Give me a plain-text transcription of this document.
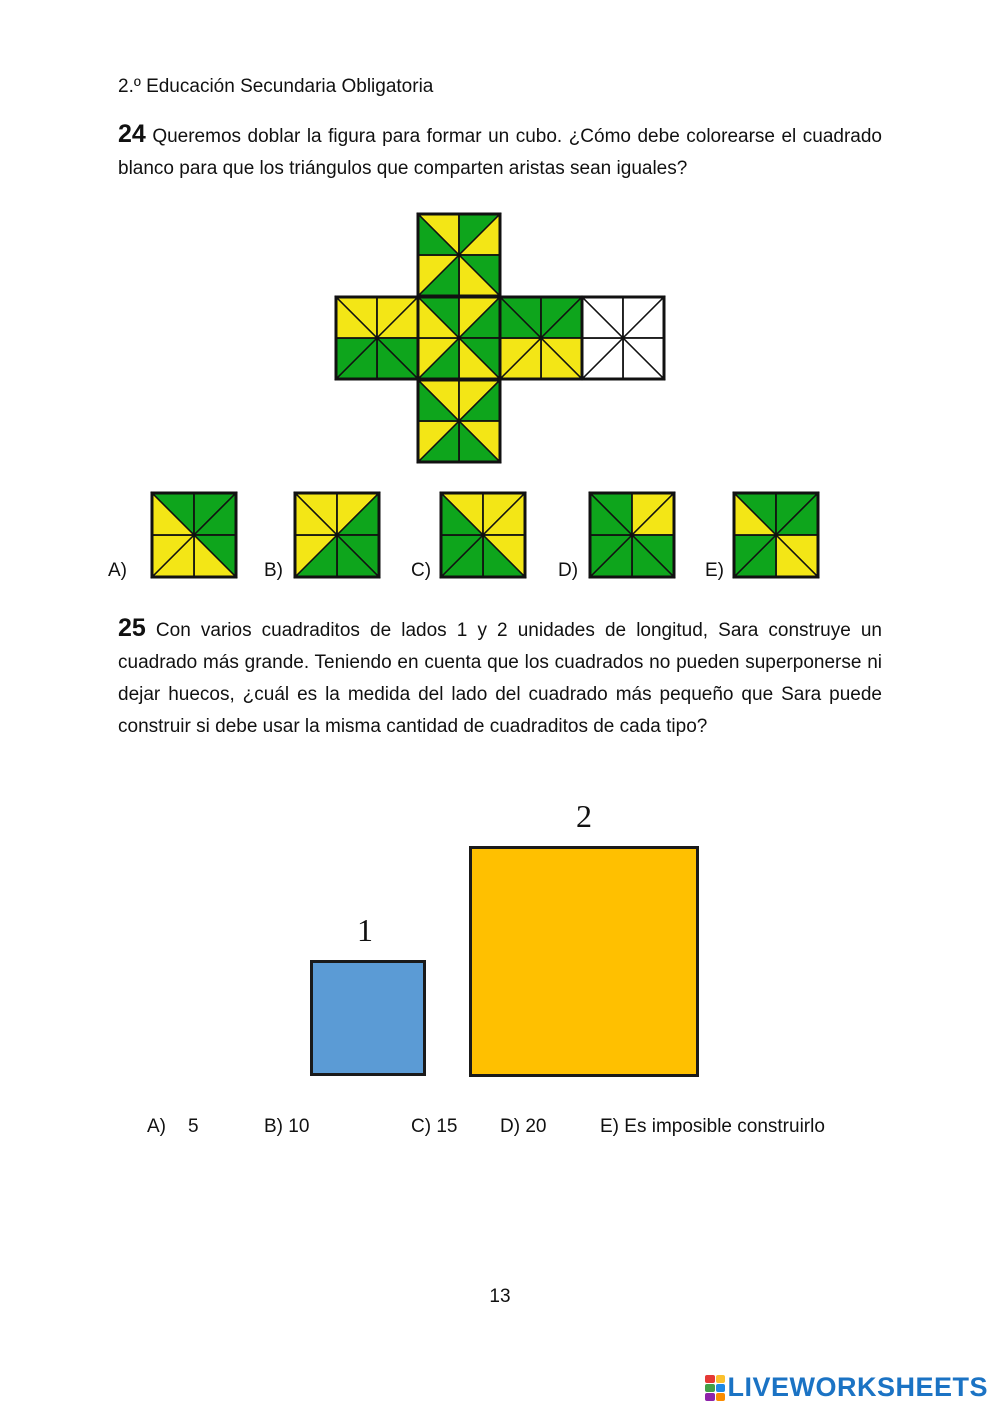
2.º Educación Secundaria Obligatoria
24 Queremos doblar la figura para formar un cubo. ¿Cómo debe colorearse el cuadrado blanco para que los triángulos que comparten aristas sean iguales?
A)	B)	C)	D)	E)
25 Con varios cuadraditos de lados 1 y 2 unidades de longitud, Sara construye un cuadrado más grande. Teniendo en cuenta que los cuadrados no pueden superponerse ni dejar huecos, ¿cuál es la medida del lado del cuadrado más pequeño que Sara puede construir si debe usar la misma cantidad de cuadraditos de cada tipo?
1
2
A) 5	B) 10	C) 15 D) 20	E) Es imposible construirlo
13
LIVEWORKSHEETS
